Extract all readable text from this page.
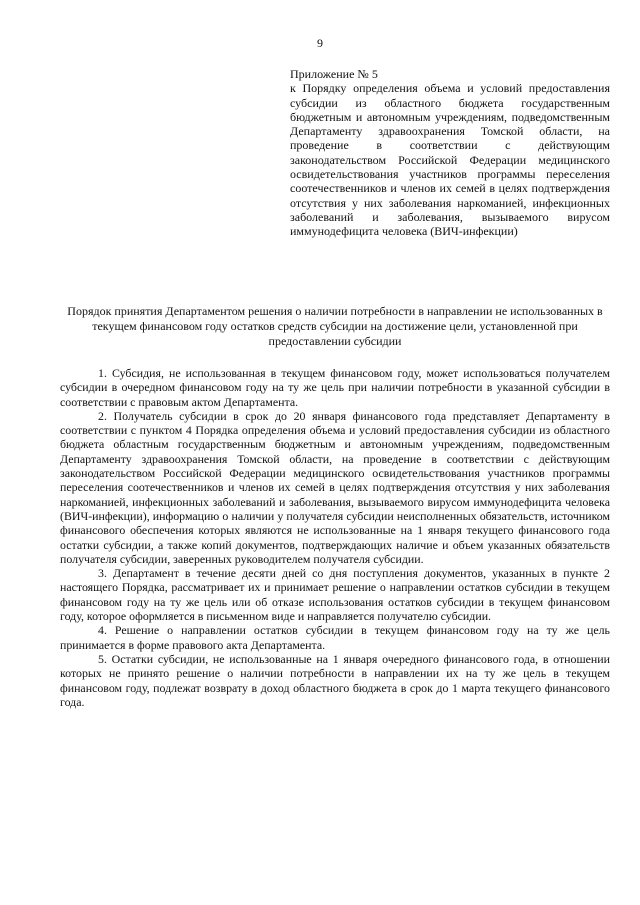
9
Приложение № 5
к Порядку определения объема и условий предоставления субсидии из областного бюджета государственным бюджетным и автономным учреждениям, подведомственным Департаменту здравоохранения Томской области, на проведение в соответствии с действующим законодательством Российской Федерации медицинского освидетельствования участников программы переселения соотечественников и членов их семей в целях подтверждения отсутствия у них заболевания наркоманией, инфекционных заболеваний и заболевания, вызываемого вирусом иммунодефицита человека (ВИЧ-инфекции)
Порядок принятия Департаментом решения о наличии потребности в направлении не использованных в текущем финансовом году остатков средств субсидии на достижение цели, установленной при предоставлении субсидии

1. Субсидия, не использованная в текущем финансовом году, может использоваться получателем субсидии в очередном финансовом году на ту же цель при наличии потребности в указанной субсидии в соответствии с правовым актом Департамента.

2. Получатель субсидии в срок до 20 января финансового года представляет Департаменту в соответствии с пунктом 4 Порядка определения объема и условий предоставления субсидии из областного бюджета областным государственным бюджетным и автономным учреждениям, подведомственным Департаменту здравоохранения Томской области, на проведение в соответствии с действующим законодательством Российской Федерации медицинского освидетельствования участников программы переселения соотечественников и членов их семей в целях подтверждения отсутствия у них заболевания наркоманией, инфекционных заболеваний и заболевания, вызываемого вирусом иммунодефицита человека (ВИЧ-инфекции), информацию о наличии у получателя субсидии неисполненных обязательств, источником финансового обеспечения которых являются не использованные на 1 января текущего финансового года остатки субсидии, а также копий документов, подтверждающих наличие и объем указанных обязательств получателя субсидии, заверенных руководителем получателя субсидии.

3. Департамент в течение десяти дней со дня поступления документов, указанных в пункте 2 настоящего Порядка, рассматривает их и принимает решение о направлении остатков субсидии в текущем финансовом году на ту же цель или об отказе использования остатков субсидии в текущем финансовом году, которое оформляется в письменном виде и направляется получателю субсидии.

4. Решение о направлении остатков субсидии в текущем финансовом году на ту же цель принимается в форме правового акта Департамента.

5. Остатки субсидии, не использованные на 1 января очередного финансового года, в отношении которых не принято решение о наличии потребности в направлении их на ту же цель в текущем финансовом году, подлежат возврату в доход областного бюджета в срок до 1 марта текущего финансового года.
